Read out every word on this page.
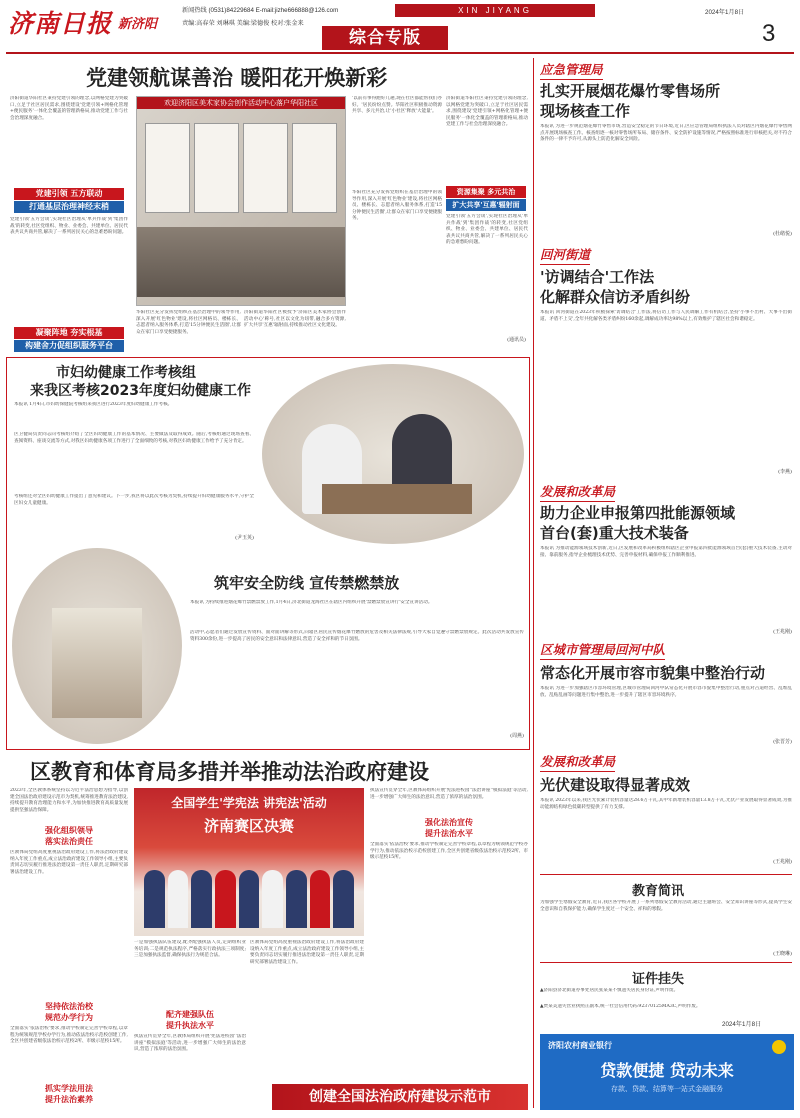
济南日报 新济阳
新闻热线 (0531)84229684 E-mail:jizhe666888@126.com
责编:高春荣 刘琳琪 美编:梁德俊 校对:张金来
XIN JIYANG	2024年1月8日
综合专版	3
党建领航谋善治 暖阳花开焕新彩
济阳街道华阳社区秉持党建引领的理念,以网格党建为突破口,立足于社区居民需求,围绕建设'党建引领+网格化管理+便民服务'一体化全覆盖的管理新格局,推动党建工作与社会治理深度融合。
党建引领 五方联动
打通基层治理神经末梢
党建引领'五方会谈',实现社区治理从'单兵作战'到'集团作战'的转变,社区党组织、物业、业委会、共建单位、居民代表共议共商共管,解决了一系列居民关心的急难愁盼问题。
凝聚阵地 夯实根基
构建舍力促组织服务平台
欢迎济阳区美术家协会创作活动中心落户华阳社区
华阳社区充分发挥党组织在基层治理中的领导作用,深入开展'红色物业'建设,将社区网格员、楼栋长、志愿者纳入服务体系,打造'15分钟便民生活圈',让群众在家门口享受便捷服务。
济阳街道华阳社区被授予'济阳区美术家协会创作活动中心'称号,社区以文化为纽带,融合多方资源,扩大共享'互惠'辐射面,持续推动社区文化建设。
'以前有事得跑好几趟,现在社区都能帮我们办好。'居民纷纷点赞。华阳社区积极推动资源共享、多元共治,让'小社区'释放'大能量'。
资源集聚 多元共治
扩大共享'互惠'辐射面
济阳街道华阳社区秉持党建引领的理念,以网格党建为突破口,立足于社区居民需求,围绕建设'党建引领+网格化管理+便民服务'一体化全覆盖的管理新格局,推动党建工作与社会治理深度融合。
党建引领'五方会谈',实现社区治理从'单兵作战'到'集团作战'的转变,社区党组织、物业、业委会、共建单位、居民代表共议共商共管,解决了一系列居民关心的急难愁盼问题。
华阳社区充分发挥党组织在基层治理中的领导作用,深入开展'红色物业'建设,将社区网格员、楼栋长、志愿者纳入服务体系,打造'15分钟便民生活圈',让群众在家门口享受便捷服务。
(通讯员)
市妇幼健康工作考核组
来我区考核2023年度妇幼健康工作
本报讯 1月4日,市妇幼保健院考核组来我区进行2023年度妇幼健康工作考核。
区卫健局负责同志向考核组介绍了全区妇幼健康工作的基本情况、主要做法及取得成效。随后,考核组通过现场查看、查阅资料、座谈交流等方式,对我区妇幼健康各项工作进行了全面细致的考核,对我区妇幼健康工作给予了充分肯定。
考核组还对全区妇幼健康工作提出了意见和建议。下一步,我区将以此次考核为契机,持续提升妇幼健康服务水平,守护全区妇女儿童健康。
(尹玉英)
筑牢安全防线 宣传禁燃禁放
本报讯 为持续推进烟花爆竹禁燃禁放工作,1月4日,济北街道龙海社区在辖区内组织开展'禁燃禁放宣讲行'安全宣讲活动。
活动中,志愿者们通过发放宣传资料、面对面讲解等形式,向辖区居民宣传烟花爆竹燃放的危害及相关法律法规,引导大家自觉遵守禁燃禁放规定。此次活动共发放宣传资料300余份,进一步提高了居民的安全意识和法律意识,营造了安全祥和的节日氛围。
(周燕)
区教育和体育局多措并举推动法治政府建设
2023年,全区教体系统坚持以习近平法治思想为指导,以创建全国法治政府建设示范市为契机,统筹推进教育法治建设,持续提升教育治理能力和水平,为加快推进教育高质量发展提供坚强法治保障。
强化组织领导
落实法治责任
区教体局党组高度重视法治政府建设工作,将法治政府建设纳入年度工作重点,成立法治政府建设工作领导小组,主要负责同志切实履行推进法治建设第一责任人职责,定期研究部署法治建设工作。
坚持依法治校
规范办学行为
全面落实'依法治校'要求,推动学校制定完善学校章程,以章程为统领规范学校办学行为,推动依法治校示范校创建工作,全区共创建省级依法治校示范校2所、市级示范校15所。
抓实学法用法
提升法治素养
全国学生'学宪法 讲宪法'活动
济南赛区决赛
一是加强执法队伍建设,配齐配强执法人员,定期组织业务培训;二是规范执法程序,严格落实行政执法三项制度;三是加强执法监督,确保执法行为规范合法。
配齐建强队伍
提升执法水平
执法宣传贯穿全年,区教体局组织开展'宪法进校园''法治讲座''模拟法庭'等活动,进一步增强广大师生的法治意识,营造了浓厚的法治氛围。
区教体局党组高度重视法治政府建设工作,将法治政府建设纳入年度工作重点,成立法治政府建设工作领导小组,主要负责同志切实履行推进法治建设第一责任人职责,定期研究部署法治建设工作。
执法宣传贯穿全年,区教体局组织开展'宪法进校园''法治讲座''模拟法庭'等活动,进一步增强广大师生的法治意识,营造了浓厚的法治氛围。
强化法治宣传
提升法治水平
全面落实'依法治校'要求,推动学校制定完善学校章程,以章程为统领规范学校办学行为,推动依法治校示范校创建工作,全区共创建省级依法治校示范校2所、市级示范校15所。
创建全国法治政府建设示范市
应急管理局
扎实开展烟花爆竹零售场所
现场核查工作
本报讯 为进一步规范烟花爆竹零售市场,营造安全稳定的节日环境,近日,区应急管理局组织执法人员对辖区内烟花爆竹零售网点开展现场核查工作。核查组逐一核对零售场所布局、储存条件、安全防护设施等情况,严格按照标准进行审核把关,对不符合条件的一律不予许可,从源头上防范化解安全风险。
(杜绪悦)
回河街道
'访调结合'工作法
化解群众信访矛盾纠纷
本报讯 回河街道在2023年积极探索'访调结合'工作法,将信访工作与人民调解工作有机结合,坚持'小事不出村、大事不出街道、矛盾不上交',全年共化解各类矛盾纠纷160余起,调解成功率达98%以上,有效维护了辖区社会和谐稳定。
(李燕)
发展和改革局
助力企业申报第四批能源领域
首台(套)重大技术装备
本报讯 为推动能源领域技术创新,近日,区发展和改革局积极组织辖区企业申报第四批能源领域首台(套)重大技术装备,主动对接、靠前服务,指导企业梳理技术优势、完善申报材料,确保申报工作顺利推进。
(王兆刚)
区城市管理局回河中队
常态化开展市容市貌集中整治行动
本报讯 为进一步加强辖区市容环境管理,区城市管理局回河中队常态化开展市容市貌集中整治行动,重点对占道经营、乱堆乱放、乱贴乱画等问题进行集中整治,进一步提升了辖区市容环境秩序。
(张晋芳)
发展和改革局
光伏建设取得显著成效
本报讯 2023年以来,我区光伏累计装机容量达28.6万千瓦,其中年新增装机容量13.8万千瓦,光伏产业发展取得显著成效,为推动能源结构绿色低碳转型提供了有力支撑。
(王兆刚)
教育简讯
为加强学生寒假安全教育,近日,我区各学校开展了一系列寒假安全教育活动,通过主题班会、安全知识讲座等形式,提高学生安全意识和自我保护能力,确保学生度过一个安全、祥和的寒假。
(王晓琳)
证件挂失
▲济阳县济北街道办事处居民张某某不慎遗失居民身份证,声明作废。
▲贾某美遗失营业执照正副本,统一社会信用代码:92370125MA3C,声明作废。
2024年1月8日
济阳农村商业银行
贷款便捷 贷动未来
存款、贷款、结算等一站式金融服务
